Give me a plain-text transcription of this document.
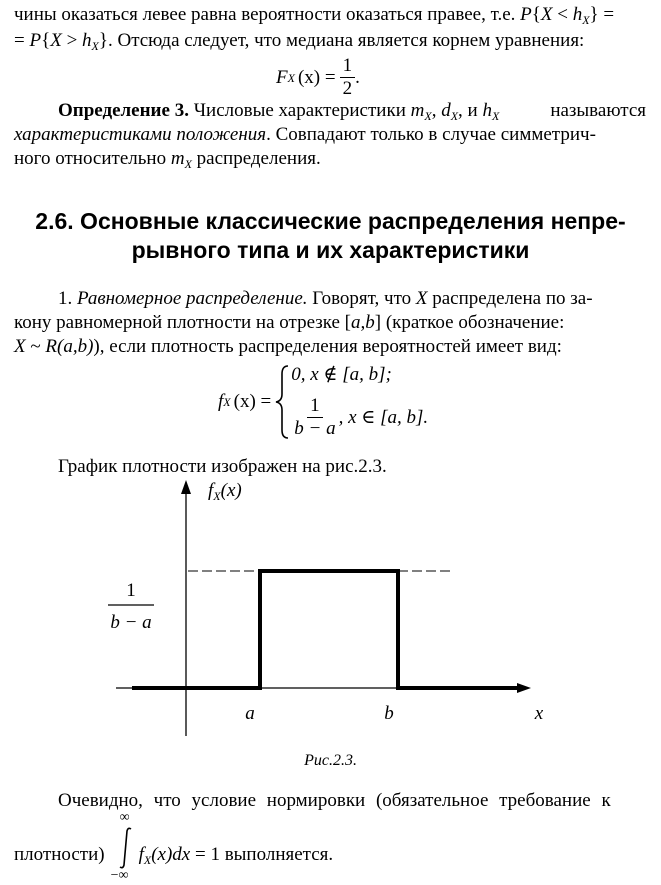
чины оказаться левее равна вероятности оказаться правее, т.е. $P\{X < h_X\}$ =
= $P\{X > h_X\}$. Отсюда следует, что медиана является корнем уравнения:
F X $(x) = \frac{1}{2}$ .
Определение 3. Числовые характеристики $m_X$, $d_X$, и $h_X$	называются
характеристиками положения. Совпадают только в случае симметрич-
ного относительно $m_X$ распределения.
2.6. Основные классические распределения непре-
рывного типа и их характеристики
1. Равномерное распределение. Говорят, что X распределена по за-
кону равномерной плотности на отрезке [ a,b] (краткое обозначение:
X ~ R(a,b)), если плотность распределения вероятностей имеет вид:
f X (x) =
0, x ∉ [a, b];
$\frac{1}{b - a}$ , x ∈ [a, b].
График плотности изображен на рис.2.3.
$f_X(x)$
1
b − a
a	b	x
Рис.2.3.
Очевидно, что условие нормировки (обязательное требование к
плотности)
∞
−∞
$f_X(x)dx = 1$ выполняется.
